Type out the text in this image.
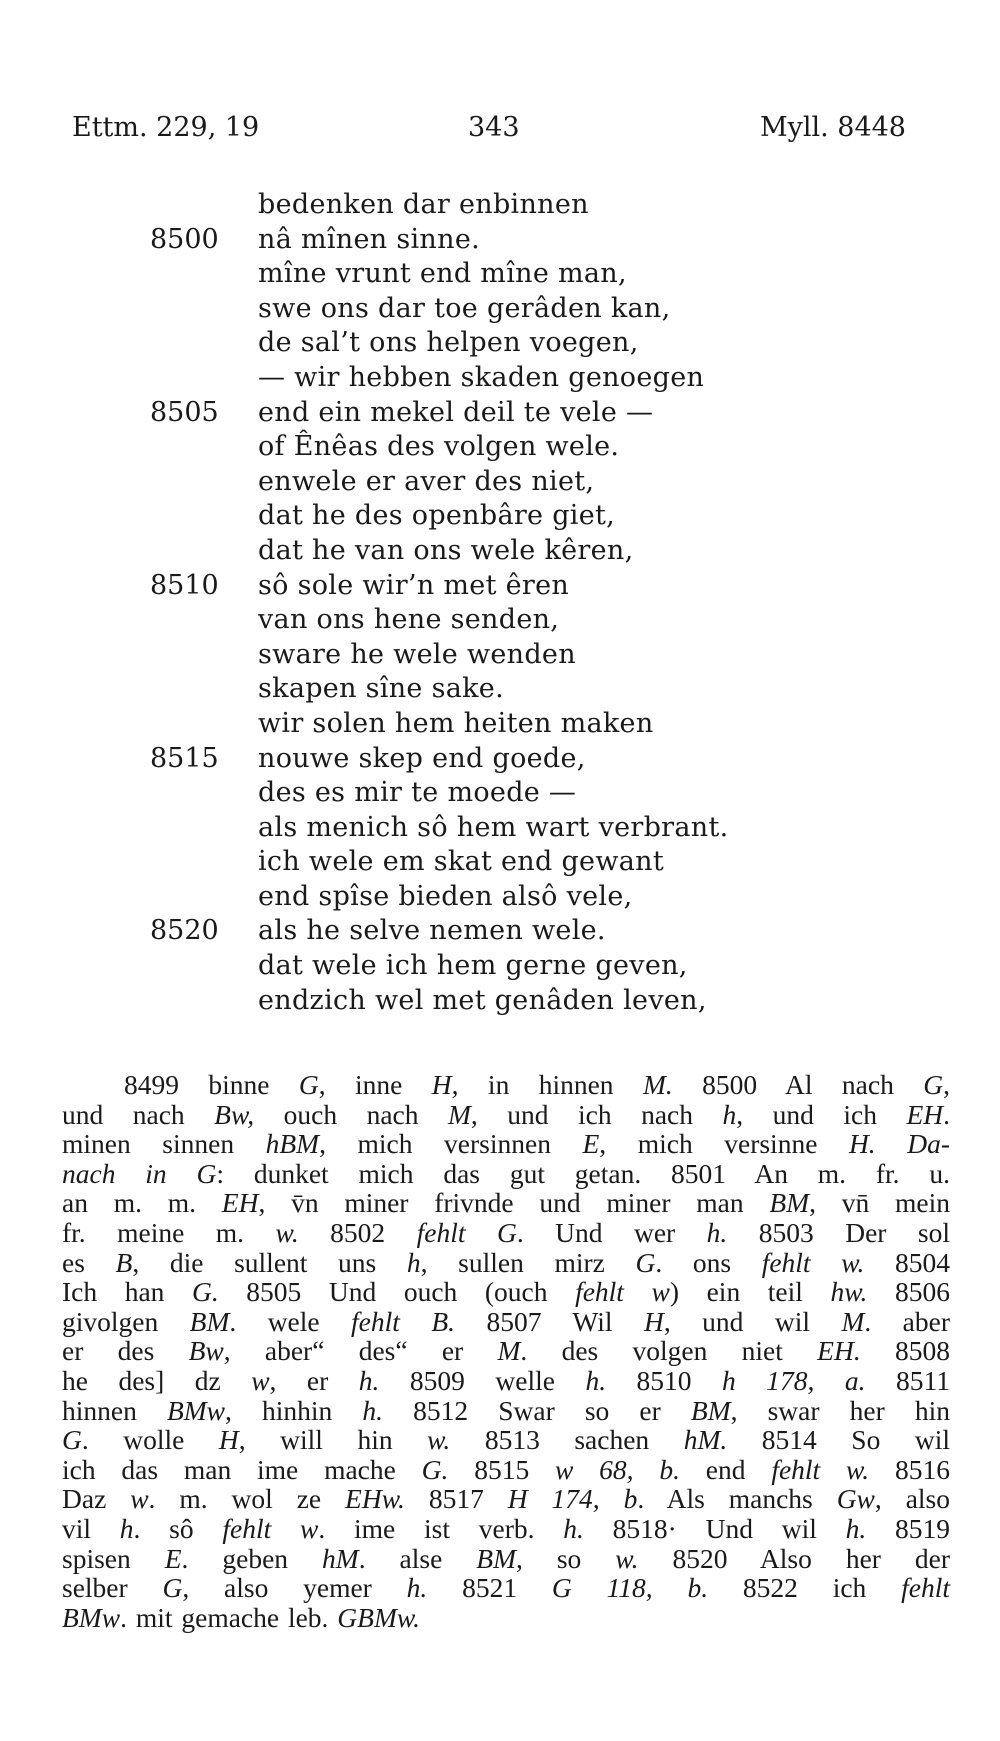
Ettm. 229, 19	343	Myll. 8448
bedenken dar enbinnen
8500 nâ mînen sinne.
mîne vrunt end mîne man,
swe ons dar toe gerâden kan,
de sal’t ons helpen voegen,
— wir hebben skaden genoegen
8505 end ein mekel deil te vele —
of Ênêas des volgen wele.
enwele er aver des niet,
dat he des openbâre giet,
dat he van ons wele kêren,
8510 sô sole wir’n met êren
van ons hene senden,
sware he wele wenden
skapen sîne sake.
wir solen hem heiten maken
8515 nouwe skep end goede,
des es mir te moede —
als menich sô hem wart verbrant.
ich wele em skat end gewant
end spîse bieden alsô vele,
8520 als he selve nemen wele.
dat wele ich hem gerne geven,
endzich wel met genâden leven,
8499 binne G, inne H, in hinnen M. 8500 Al nach G,
und nach Bw, ouch nach M, und ich nach h, und ich EH.
minen sinnen hBM, mich versinnen E, mich versinne H. Da-
nach in G: dunket mich das gut getan. 8501 An m. fr. u.
an m. m. EH, v̄n miner frivnde und miner man BM, vn̄ mein
fr. meine m. w. 8502 fehlt G. Und wer h. 8503 Der sol
es B, die sullent uns h, sullen mirz G. ons fehlt w. 8504
Ich han G. 8505 Und ouch (ouch fehlt w) ein teil hw. 8506
givolgen BM. wele fehlt B. 8507 Wil H, und wil M. aber
er des Bw, aber“ des“ er M. des volgen niet EH. 8508
he des] dz w, er h. 8509 welle h. 8510 h 178, a. 8511
hinnen BMw, hinhin h. 8512 Swar so er BM, swar her hin
G. wolle H, will hin w. 8513 sachen hM. 8514 So wil
ich das man ime mache G. 8515 w 68, b. end fehlt w. 8516
Daz w. m. wol ze EHw. 8517 H 174, b. Als manchs Gw, also
vil h. sô fehlt w. ime ist verb. h. 8518· Und wil h. 8519
spisen E. geben hM. alse BM, so w. 8520 Also her der
selber G, also yemer h. 8521 G 118, b. 8522 ich fehlt
BMw. mit gemache leb. GBMw.
